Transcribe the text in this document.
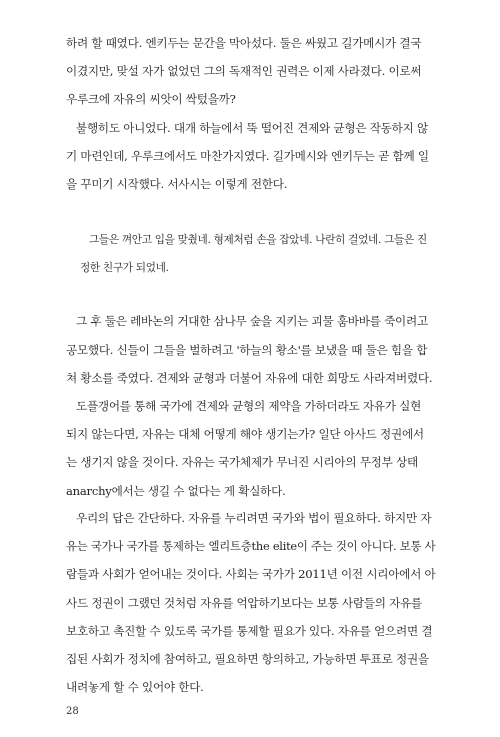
하려 할 때였다. 엔키두는 문간을 막아섰다. 둘은 싸웠고 길가메시가 결국
이겼지만, 맞설 자가 없었던 그의 독재적인 권력은 이제 사라졌다. 이로써
우루크에 자유의 씨앗이 싹텄을까?
불행히도 아니었다. 대개 하늘에서 뚝 떨어진 견제와 균형은 작동하지 않
기 마련인데, 우루크에서도 마찬가지였다. 길가메시와 엔키두는 곧 함께 일
을 꾸미기 시작했다. 서사시는 이렇게 전한다.
그들은 껴안고 입을 맞췄네. 형제처럼 손을 잡았네. 나란히 걸었네. 그들은 진
정한 친구가 되었네.
그 후 둘은 레바논의 거대한 삼나무 숲을 지키는 괴물 훔바바를 죽이려고
공모했다. 신들이 그들을 벌하려고 '하늘의 황소'를 보냈을 때 둘은 힘을 합
쳐 황소를 죽였다. 견제와 균형과 더불어 자유에 대한 희망도 사라져버렸다.
도플갱어를 통해 국가에 견제와 균형의 제약을 가하더라도 자유가 실현
되지 않는다면, 자유는 대체 어떻게 해야 생기는가? 일단 아사드 정권에서
는 생기지 않을 것이다. 자유는 국가체제가 무너진 시리아의 무정부 상태
anarchy에서는 생길 수 없다는 게 확실하다.
우리의 답은 간단하다. 자유를 누리려면 국가와 법이 필요하다. 하지만 자
유는 국가나 국가를 통제하는 엘리트층the elite이 주는 것이 아니다. 보통 사
람들과 사회가 얻어내는 것이다. 사회는 국가가 2011년 이전 시리아에서 아
사드 정권이 그랬던 것처럼 자유를 억압하기보다는 보통 사람들의 자유를
보호하고 촉진할 수 있도록 국가를 통제할 필요가 있다. 자유를 얻으려면 결
집된 사회가 정치에 참여하고, 필요하면 항의하고, 가능하면 투표로 정권을
내려놓게 할 수 있어야 한다.
28
